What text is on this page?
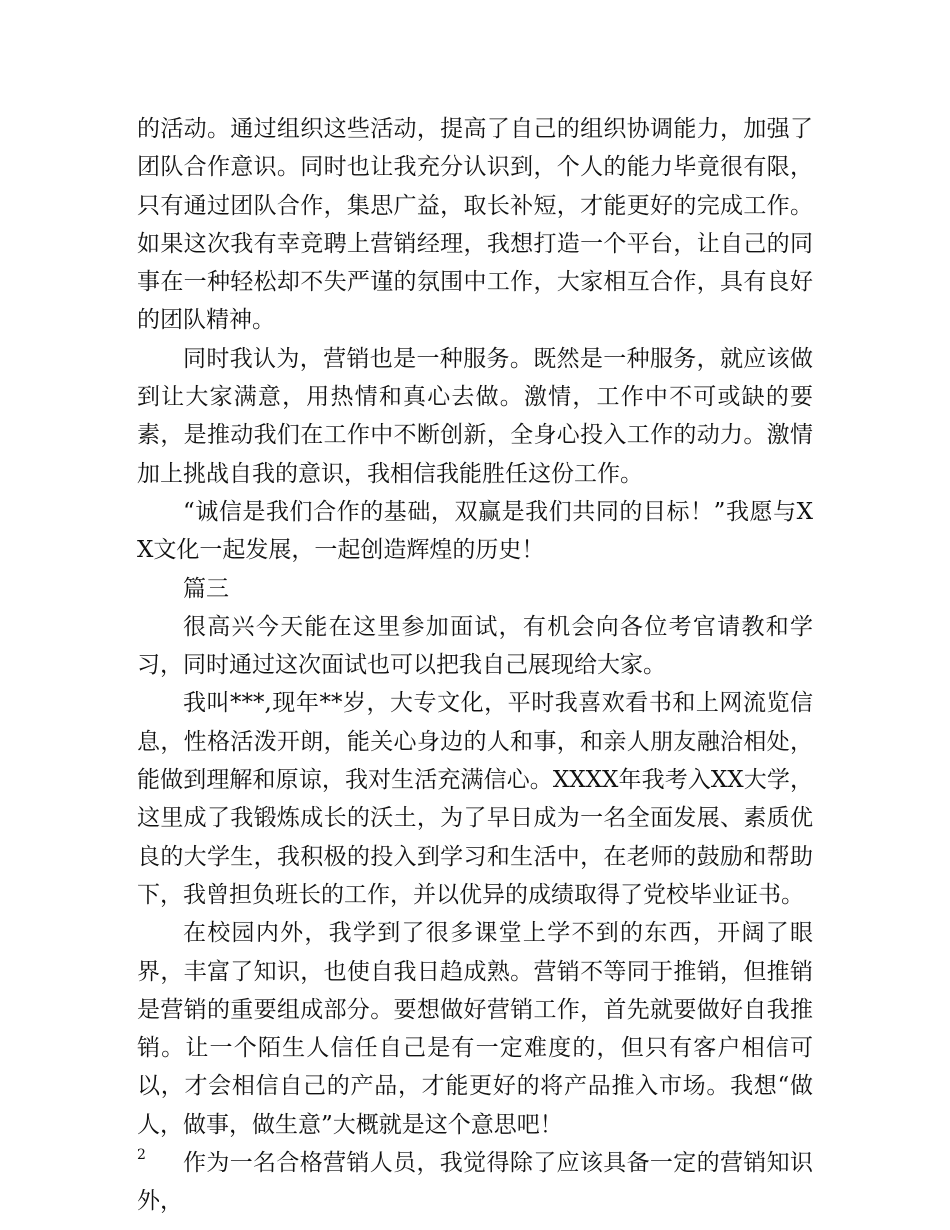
的活动。通过组织这些活动，提高了自己的组织协调能力，加强了团队合作意识。同时也让我充分认识到，个人的能力毕竟很有限，只有通过团队合作，集思广益，取长补短，才能更好的完成工作。如果这次我有幸竞聘上营销经理，我想打造一个平台，让自己的同事在一种轻松却不失严谨的氛围中工作，大家相互合作，具有良好的团队精神。

同时我认为，营销也是一种服务。既然是一种服务，就应该做到让大家满意，用热情和真心去做。激情，工作中不可或缺的要素，是推动我们在工作中不断创新，全身心投入工作的动力。激情加上挑战自我的意识，我相信我能胜任这份工作。

“诚信是我们合作的基础，双赢是我们共同的目标！”我愿与XX文化一起发展，一起创造辉煌的历史！

篇三

很高兴今天能在这里参加面试，有机会向各位考官请教和学习，同时通过这次面试也可以把我自己展现给大家。

我叫***,现年**岁，大专文化，平时我喜欢看书和上网流览信息，性格活泼开朗，能关心身边的人和事，和亲人朋友融洽相处，能做到理解和原谅，我对生活充满信心。XXXX年我考入XX大学，这里成了我锻炼成长的沃土，为了早日成为一名全面发展、素质优良的大学生，我积极的投入到学习和生活中，在老师的鼓励和帮助下，我曾担负班长的工作，并以优异的成绩取得了党校毕业证书。

在校园内外，我学到了很多课堂上学不到的东西，开阔了眼界，丰富了知识，也使自我日趋成熟。营销不等同于推销，但推销是营销的重要组成部分。要想做好营销工作，首先就要做好自我推销。让一个陌生人信任自己是有一定难度的，但只有客户相信可以，才会相信自己的产品，才能更好的将产品推入市场。我想“做人，做事，做生意”大概就是这个意思吧！

作为一名合格营销人员，我觉得除了应该具备一定的营销知识外，

2
